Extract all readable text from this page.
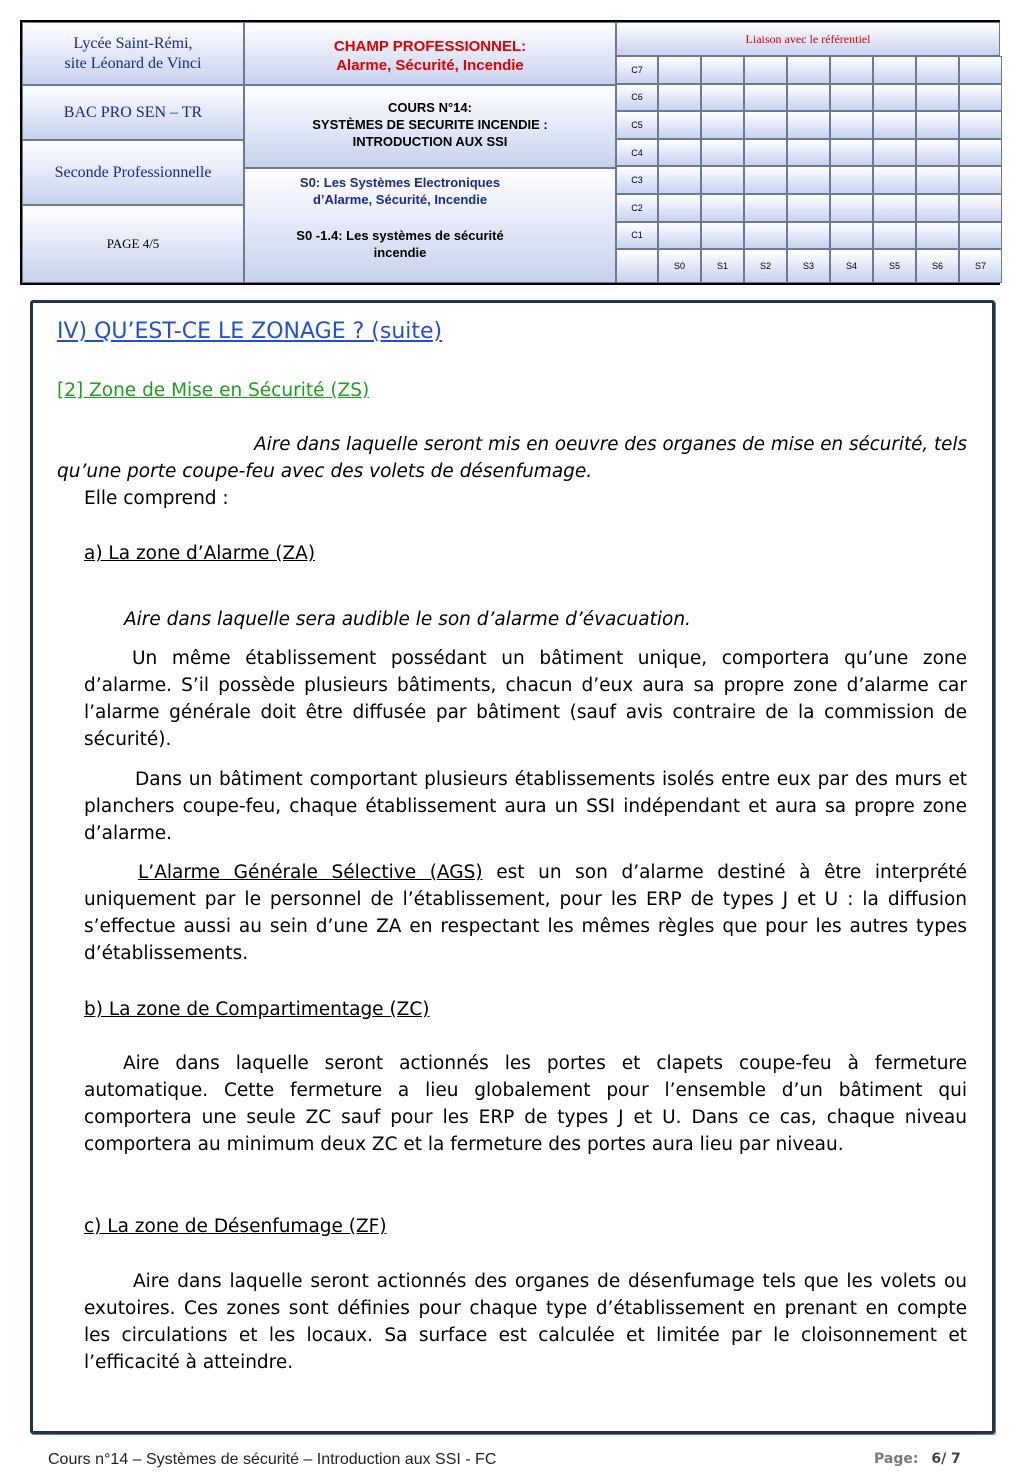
Lycée Saint-Rémi,
site Léonard de Vinci
BAC PRO SEN – TR
Seconde Professionnelle
PAGE 4/5
CHAMP PROFESSIONNEL:
Alarme, Sécurité, Incendie
COURS N°14:
SYSTÈMES DE SECURITE INCENDIE :
INTRODUCTION AUX SSI
S0: Les Systèmes Electroniques
d’Alarme, Sécurité, Incendie
S0 -1.4: Les systèmes de sécurité
incendie
Liaison avec le référentiel
C7
C6
C5
C4
C3
C2
C1
S0	S1	S2	S3	S4	S5	S6	S7
IV) QU’EST-CE LE ZONAGE ? (suite)
[2] Zone de Mise en Sécurité (ZS)
Aire dans laquelle seront mis en oeuvre des organes de mise en sécurité, tels
qu’une porte coupe-feu avec des volets de désenfumage.
Elle comprend :
a) La zone d’Alarme (ZA)
Aire dans laquelle sera audible le son d’alarme d’évacuation.

Un même établissement possédant un bâtiment unique, comportera qu’une zone d’alarme. S’il possède plusieurs bâtiments, chacun d’eux aura sa propre zone d’alarme car l’alarme générale doit être diffusée par bâtiment (sauf avis contraire de la commission de sécurité).

Dans un bâtiment comportant plusieurs établissements isolés entre eux par des murs et planchers coupe-feu, chaque établissement aura un SSI indépendant et aura sa propre zone d’alarme.

L’Alarme Générale Sélective (AGS) est un son d’alarme destiné à être interprété uniquement par le personnel de l’établissement, pour les ERP de types J et U : la diffusion s’effectue aussi au sein d’une ZA en respectant les mêmes règles que pour les autres types d’établissements.

b) La zone de Compartimentage (ZC)

Aire dans laquelle seront actionnés les portes et clapets coupe-feu à fermeture automatique. Cette fermeture a lieu globalement pour l’ensemble d’un bâtiment qui comportera une seule ZC sauf pour les ERP de types J et U. Dans ce cas, chaque niveau comportera au minimum deux ZC et la fermeture des portes aura lieu par niveau.

c) La zone de Désenfumage (ZF)

Aire dans laquelle seront actionnés des organes de désenfumage tels que les volets ou exutoires. Ces zones sont définies pour chaque type d’établissement en prenant en compte les circulations et les locaux. Sa surface est calculée et limitée par le cloisonnement et l’efficacité à atteindre.

Cours n°14 – Systèmes de sécurité – Introduction aux SSI - FC	Page: 6/ 7
